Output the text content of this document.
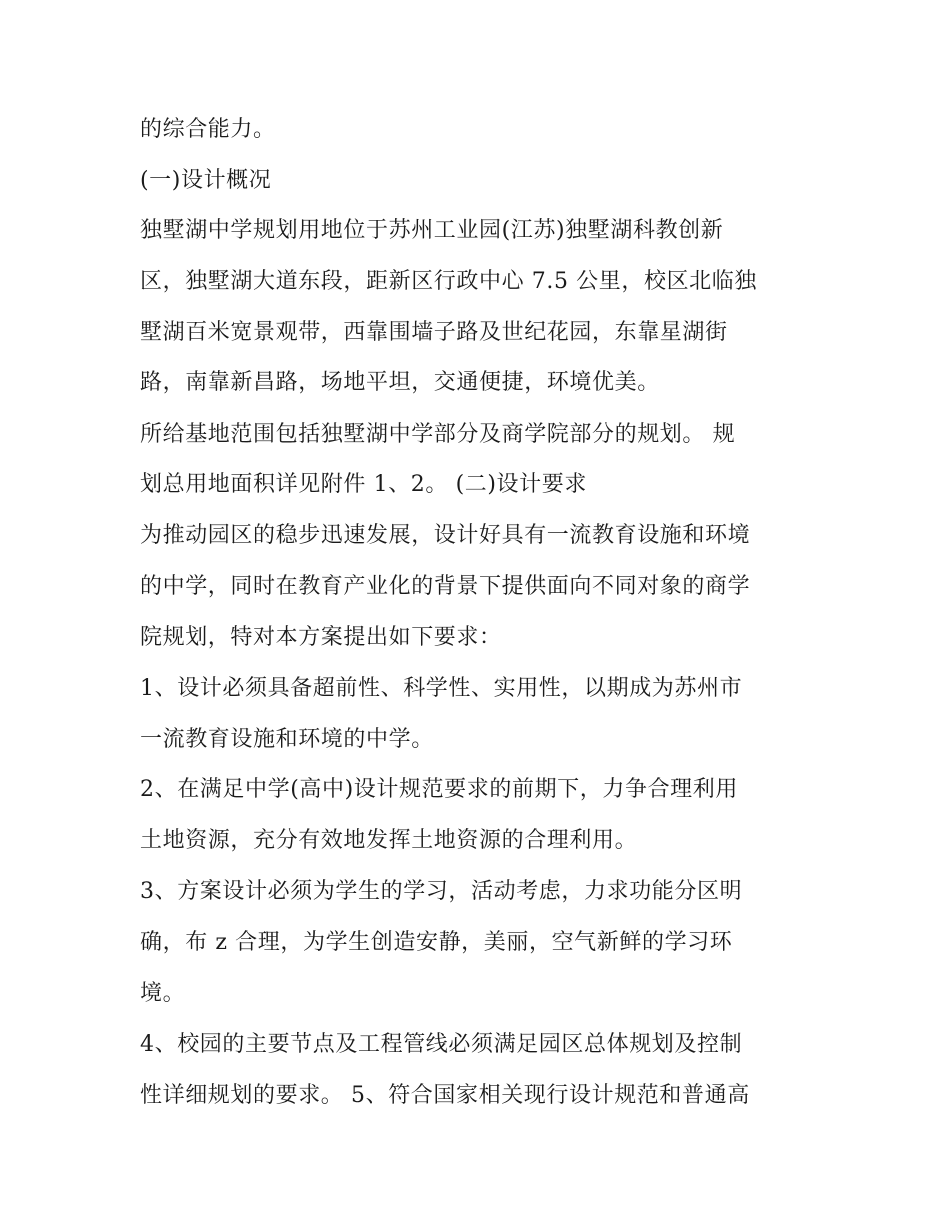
的综合能力。
(一)设计概况
独墅湖中学规划用地位于苏州工业园(江苏)独墅湖科教创新
区，独墅湖大道东段，距新区行政中心 7.5 公里，校区北临独
墅湖百米宽景观带，西靠围墙子路及世纪花园，东靠星湖街
路，南靠新昌路，场地平坦，交通便捷，环境优美。
所给基地范围包括独墅湖中学部分及商学院部分的规划。 规
划总用地面积详见附件 1、2。 (二)设计要求
为推动园区的稳步迅速发展，设计好具有一流教育设施和环境
的中学，同时在教育产业化的背景下提供面向不同对象的商学
院规划，特对本方案提出如下要求：
1、设计必须具备超前性、科学性、实用性，以期成为苏州市
一流教育设施和环境的中学。
2、在满足中学(高中)设计规范要求的前期下，力争合理利用
土地资源，充分有效地发挥土地资源的合理利用。
3、方案设计必须为学生的学习，活动考虑，力求功能分区明
确，布 z 合理，为学生创造安静，美丽，空气新鲜的学习环
境。
4、校园的主要节点及工程管线必须满足园区总体规划及控制
性详细规划的要求。 5、符合国家相关现行设计规范和普通高
